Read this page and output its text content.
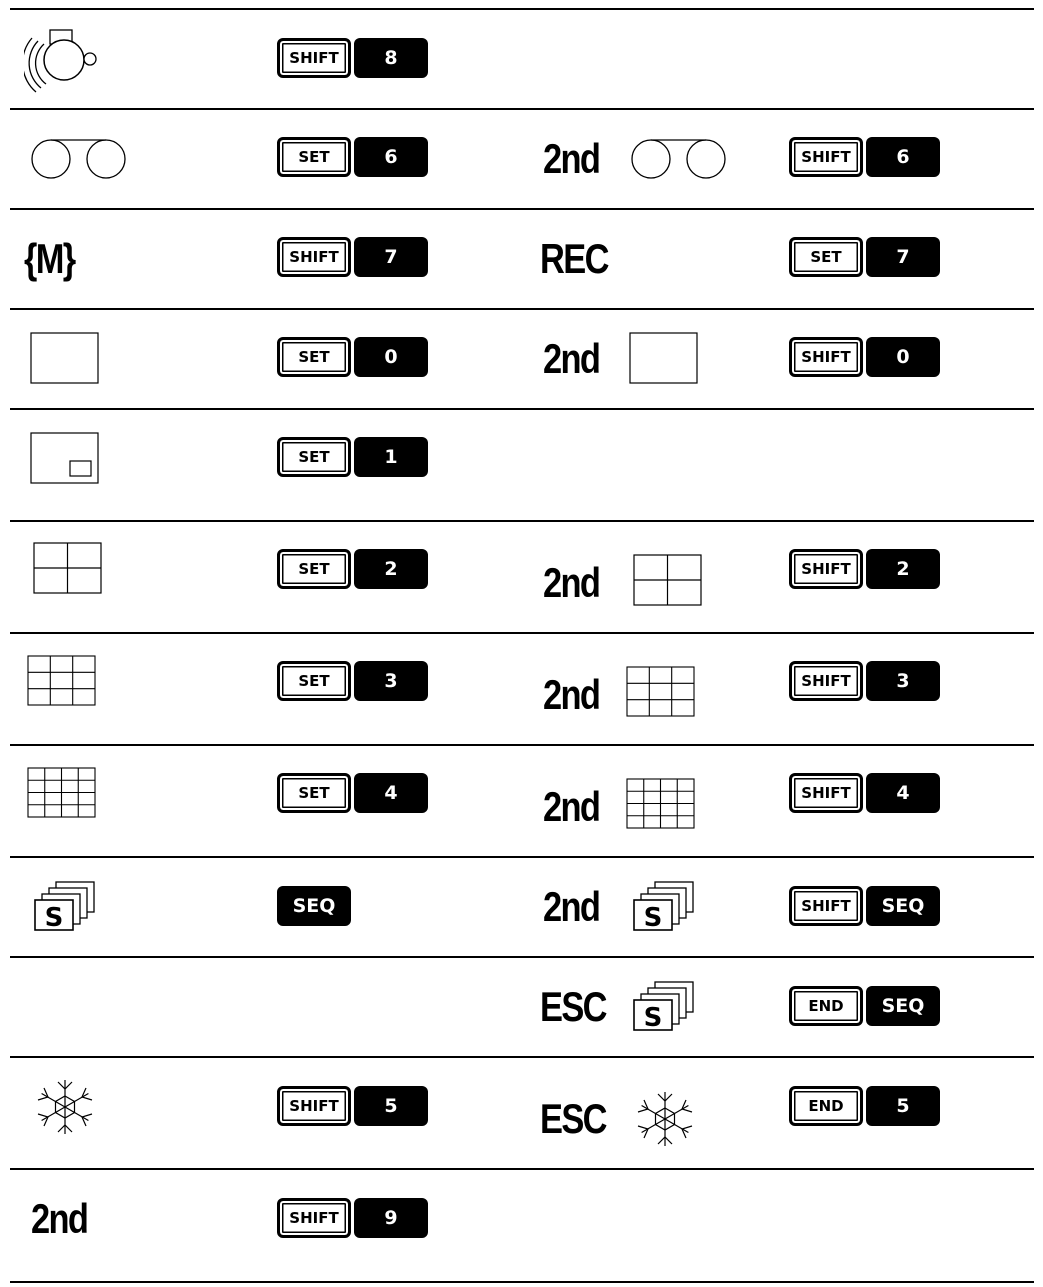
SHIFT	8
SET	6	2nd	SHIFT	6
{M}	SHIFT	7	REC	SET	7
SET	0	2nd	SHIFT	0
SET	1
SET	2	2nd	SHIFT	2
SET	3	2nd	SHIFT	3
SET	4	2nd	SHIFT	4
S	SEQ	2nd S	SHIFT	SEQ
ESC S	END	SEQ
SHIFT	5	ESC	END	5
2nd	SHIFT	9
